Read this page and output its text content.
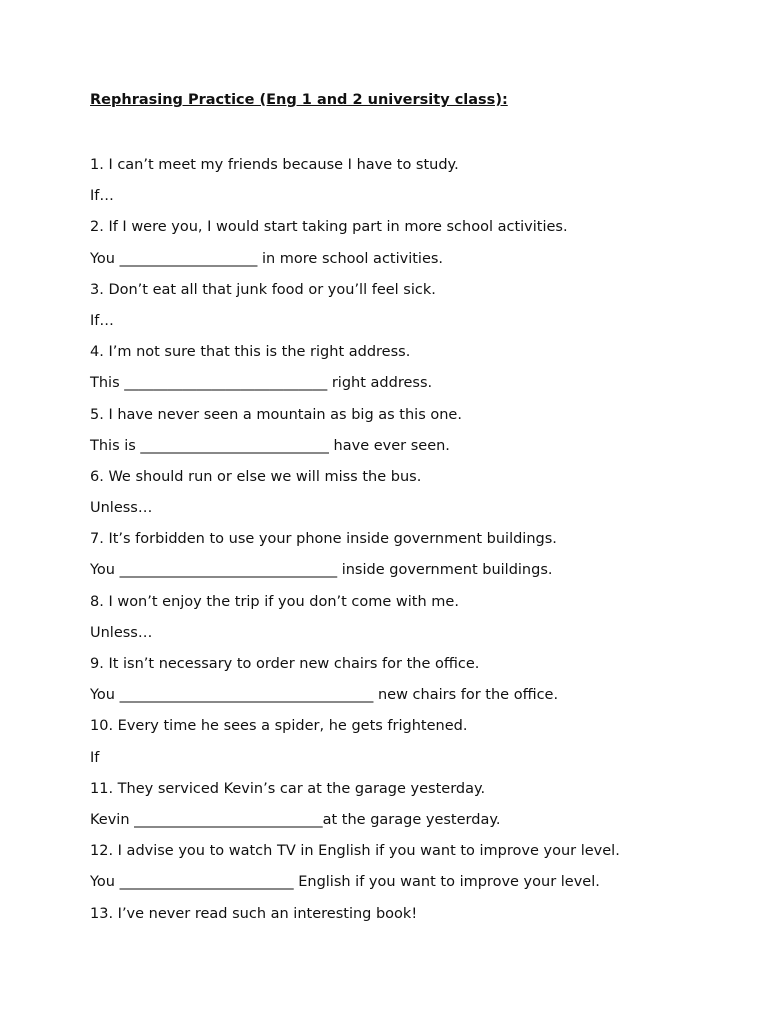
Rephrasing Practice (Eng 1 and 2 university class):
1. I can’t meet my friends because I have to study.
If…
2. If I were you, I would start taking part in more school activities.
You ___________________ in more school activities.
3. Don’t eat all that junk food or you’ll feel sick.
If…
4. I’m not sure that this is the right address.
This ____________________________ right address.
5. I have never seen a mountain as big as this one.
This is __________________________ have ever seen.
6. We should run or else we will miss the bus.
Unless…
7. It’s forbidden to use your phone inside government buildings.
You ______________________________ inside government buildings.
8. I won’t enjoy the trip if you don’t come with me.
Unless…
9. It isn’t necessary to order new chairs for the office.
You ___________________________________ new chairs for the office.
10. Every time he sees a spider, he gets frightened.
If
11. They serviced Kevin’s car at the garage yesterday.
Kevin __________________________at the garage yesterday.
12. I advise you to watch TV in English if you want to improve your level.
You ________________________ English if you want to improve your level.
13. I’ve never read such an interesting book!
